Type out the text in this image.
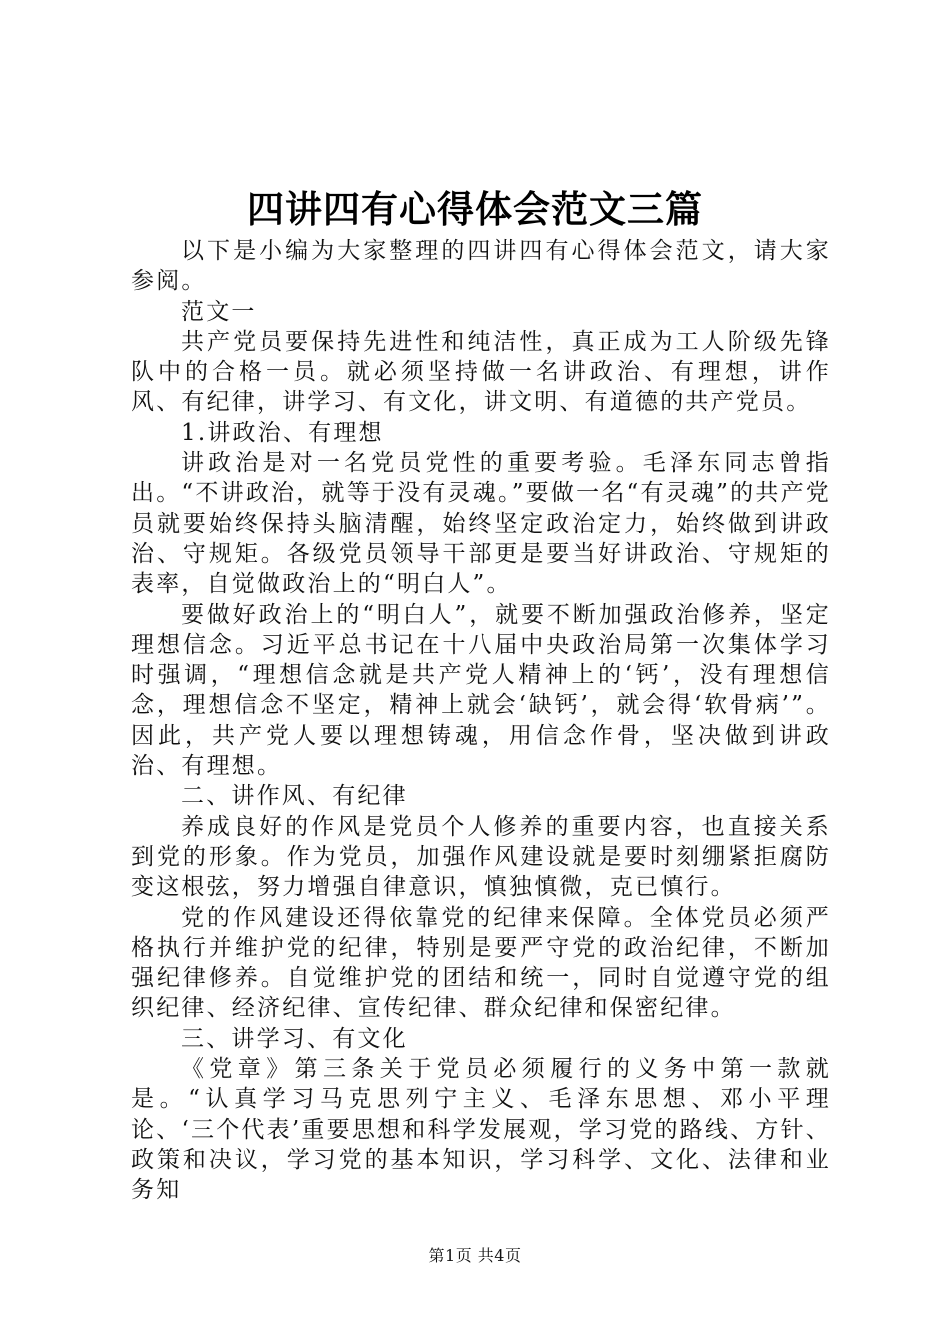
四讲四有心得体会范文三篇

以下是小编为大家整理的四讲四有心得体会范文，请大家参阅。

范文一

共产党员要保持先进性和纯洁性，真正成为工人阶级先锋队中的合格一员。就必须坚持做一名讲政治、有理想，讲作风、有纪律，讲学习、有文化，讲文明、有道德的共产党员。

1.讲政治、有理想

讲政治是对一名党员党性的重要考验。毛泽东同志曾指出。“不讲政治，就等于没有灵魂。”要做一名“有灵魂”的共产党员就要始终保持头脑清醒，始终坚定政治定力，始终做到讲政治、守规矩。各级党员领导干部更是要当好讲政治、守规矩的表率，自觉做政治上的“明白人”。

要做好政治上的“明白人”，就要不断加强政治修养，坚定理想信念。习近平总书记在十八届中央政治局第一次集体学习时强调，“理想信念就是共产党人精神上的‘钙’，没有理想信念，理想信念不坚定，精神上就会‘缺钙’，就会得‘软骨病’”。因此，共产党人要以理想铸魂，用信念作骨，坚决做到讲政治、有理想。

二、讲作风、有纪律

养成良好的作风是党员个人修养的重要内容，也直接关系到党的形象。作为党员，加强作风建设就是要时刻绷紧拒腐防变这根弦，努力增强自律意识，慎独慎微，克已慎行。

党的作风建设还得依靠党的纪律来保障。全体党员必须严格执行并维护党的纪律，特别是要严守党的政治纪律，不断加强纪律修养。自觉维护党的团结和统一，同时自觉遵守党的组织纪律、经济纪律、宣传纪律、群众纪律和保密纪律。

三、讲学习、有文化

《党章》第三条关于党员必须履行的义务中第一款就是。“认真学习马克思列宁主义、毛泽东思想、邓小平理论、‘三个代表’重要思想和科学发展观，学习党的路线、方针、政策和决议，学习党的基本知识，学习科学、文化、法律和业务知

第1页 共4页
